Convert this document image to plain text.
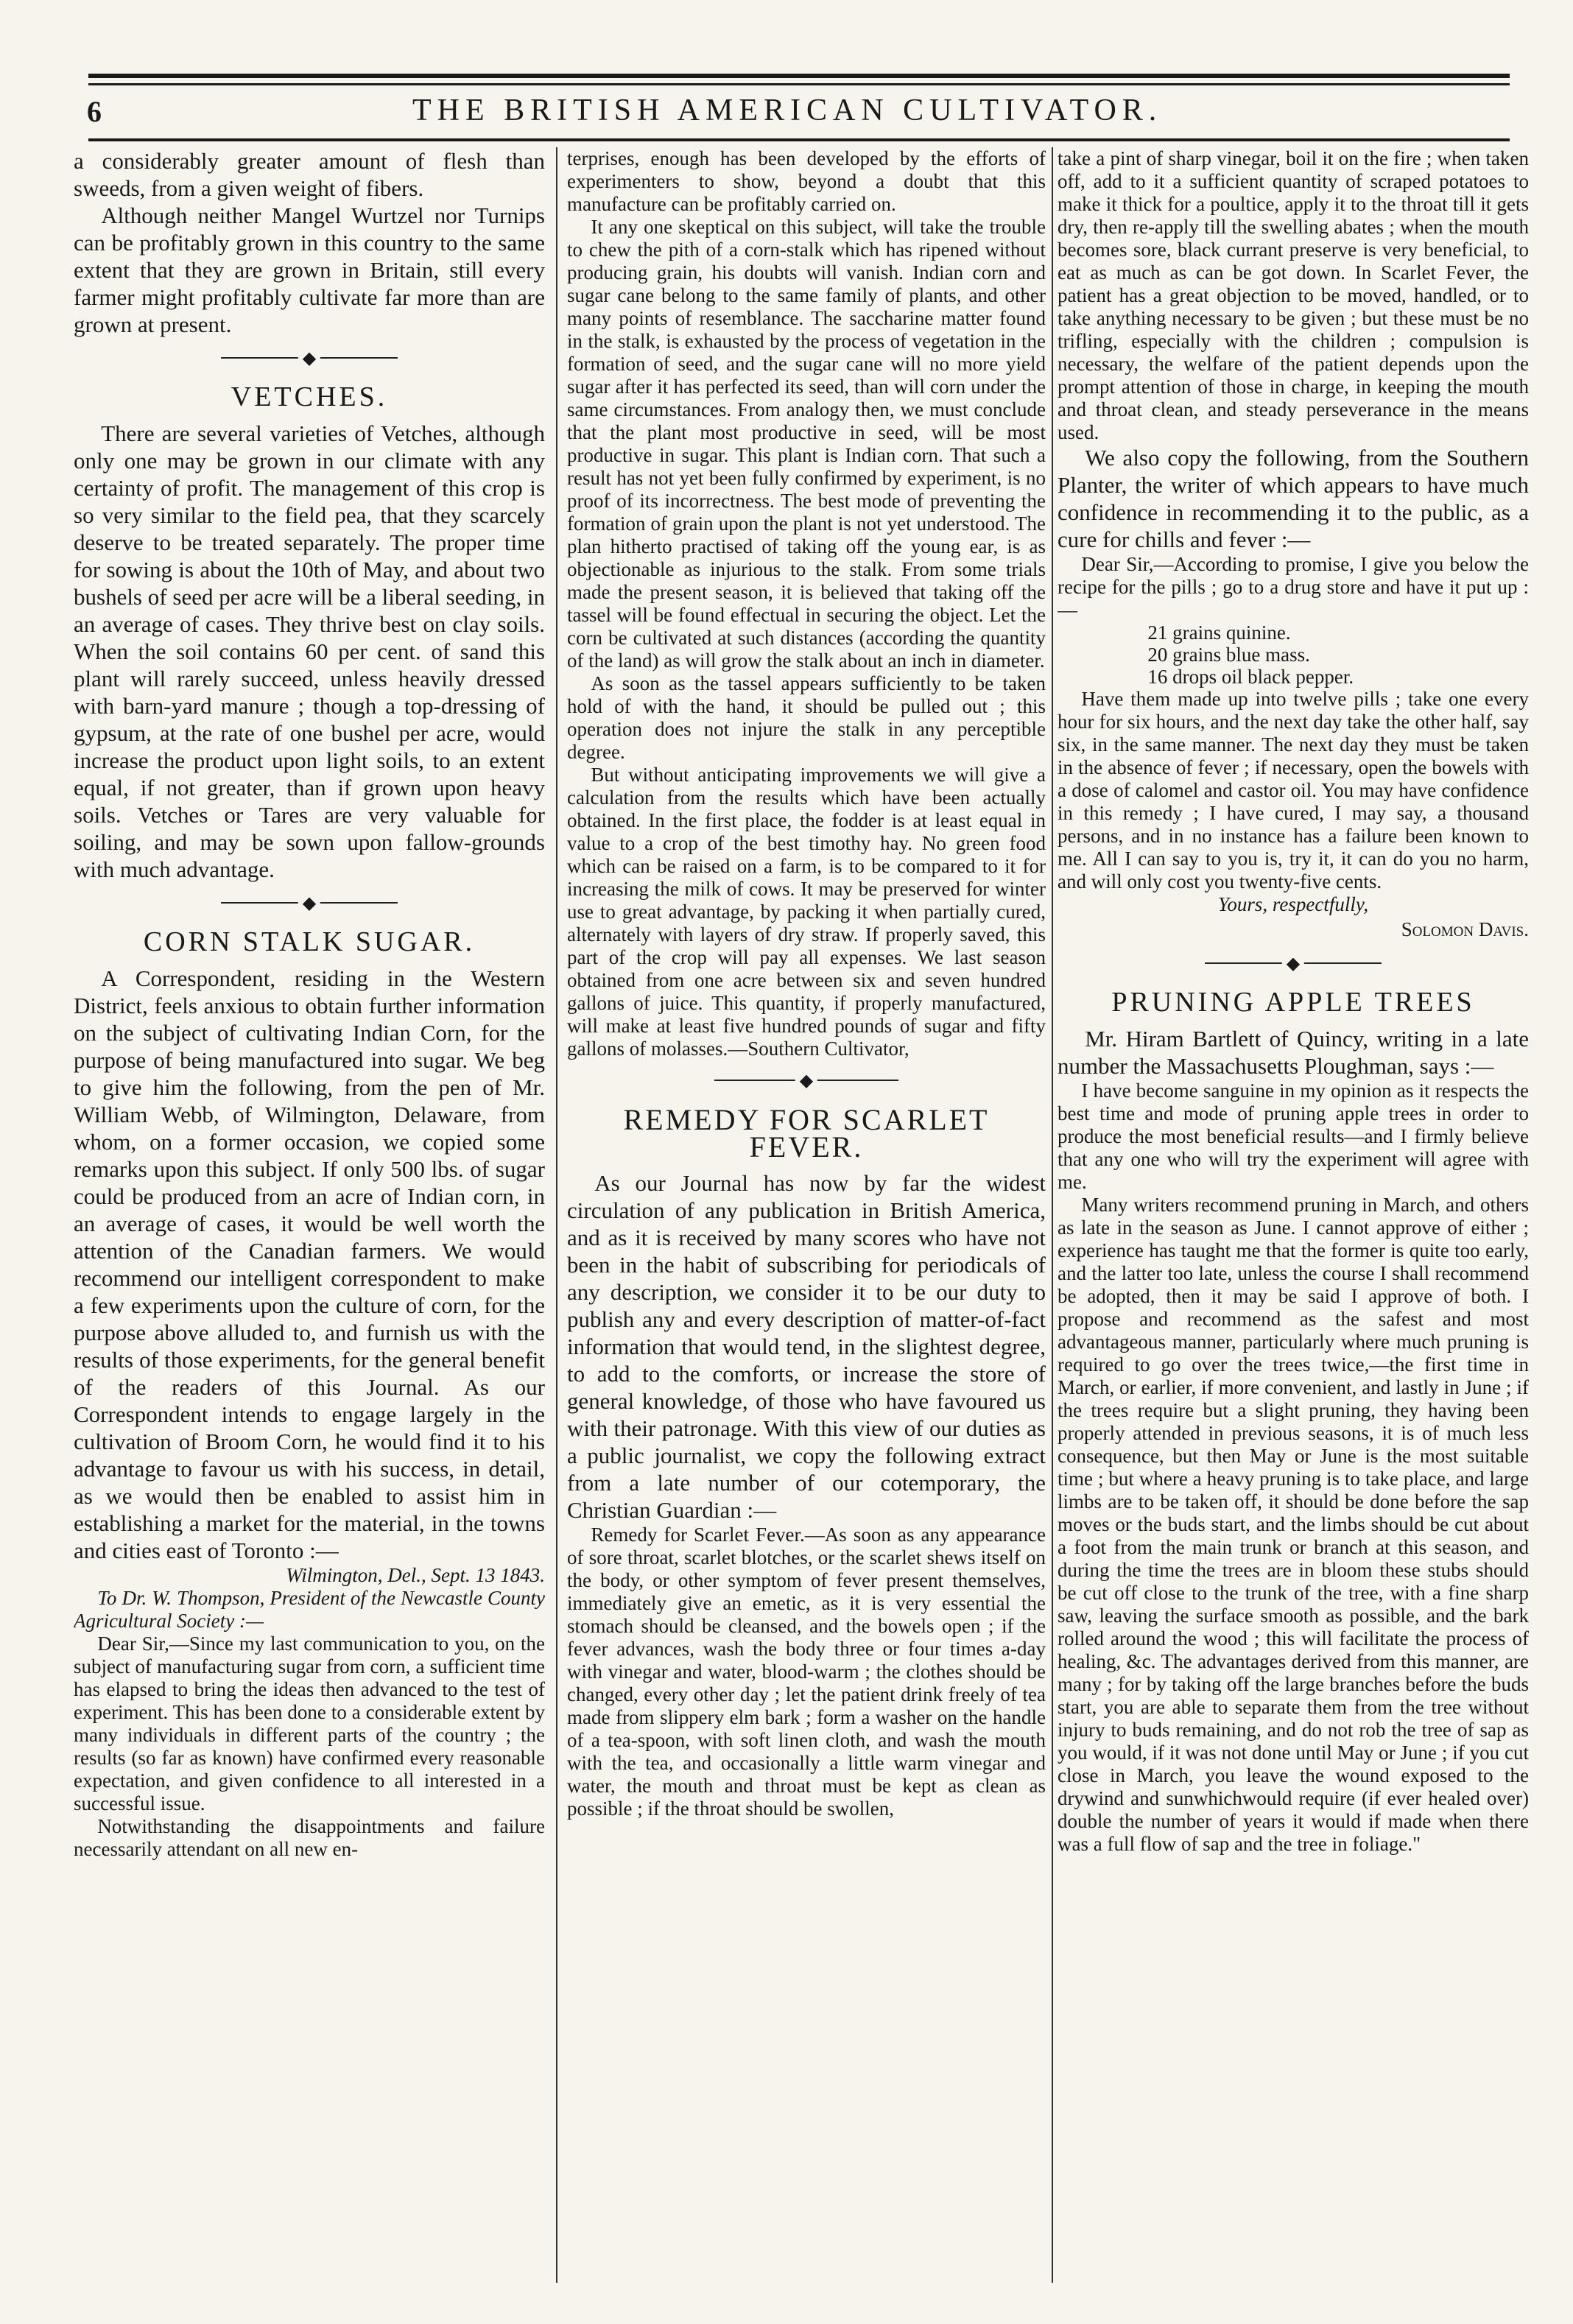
6	THE BRITISH AMERICAN CULTIVATOR.

a considerably greater amount of flesh than sweeds, from a given weight of fibers.

Although neither Mangel Wurtzel nor Turnips can be profitably grown in this country to the same extent that they are grown in Britain, still every farmer might profitably cultivate far more than are grown at present.

◆
VETCHES.

There are several varieties of Vetches, although only one may be grown in our climate with any certainty of profit. The management of this crop is so very similar to the field pea, that they scarcely deserve to be treated separately. The proper time for sowing is about the 10th of May, and about two bushels of seed per acre will be a liberal seeding, in an average of cases. They thrive best on clay soils. When the soil contains 60 per cent. of sand this plant will rarely succeed, unless heavily dressed with barn-yard manure ; though a top-dressing of gypsum, at the rate of one bushel per acre, would increase the product upon light soils, to an extent equal, if not greater, than if grown upon heavy soils. Vetches or Tares are very valuable for soiling, and may be sown upon fallow-grounds with much advantage.

◆
CORN STALK SUGAR.

A Correspondent, residing in the Western District, feels anxious to obtain further information on the subject of cultivating Indian Corn, for the purpose of being manufactured into sugar. We beg to give him the following, from the pen of Mr. William Webb, of Wilmington, Delaware, from whom, on a former occasion, we copied some remarks upon this subject. If only 500 lbs. of sugar could be produced from an acre of Indian corn, in an average of cases, it would be well worth the attention of the Canadian farmers. We would recommend our intelligent correspondent to make a few experiments upon the culture of corn, for the purpose above alluded to, and furnish us with the results of those experiments, for the general benefit of the readers of this Journal. As our Correspondent intends to engage largely in the cultivation of Broom Corn, he would find it to his advantage to favour us with his success, in detail, as we would then be enabled to assist him in establishing a market for the material, in the towns and cities east of Toronto :—

Wilmington, Del., Sept. 13 1843.

To Dr. W. Thompson, President of the Newcastle County Agricultural Society :—

Dear Sir,—Since my last communication to you, on the subject of manufacturing sugar from corn, a sufficient time has elapsed to bring the ideas then advanced to the test of experiment. This has been done to a considerable extent by many individuals in different parts of the country ; the results (so far as known) have confirmed every reasonable expectation, and given confidence to all interested in a successful issue.

Notwithstanding the disappointments and failure necessarily attendant on all new en-

terprises, enough has been developed by the efforts of experimenters to show, beyond a doubt that this manufacture can be profitably carried on.

It any one skeptical on this subject, will take the trouble to chew the pith of a corn-stalk which has ripened without producing grain, his doubts will vanish. Indian corn and sugar cane belong to the same family of plants, and other many points of resemblance. The saccharine matter found in the stalk, is exhausted by the process of vegetation in the formation of seed, and the sugar cane will no more yield sugar after it has perfected its seed, than will corn under the same circumstances. From analogy then, we must conclude that the plant most productive in seed, will be most productive in sugar. This plant is Indian corn. That such a result has not yet been fully confirmed by experiment, is no proof of its incorrectness. The best mode of preventing the formation of grain upon the plant is not yet understood. The plan hitherto practised of taking off the young ear, is as objectionable as injurious to the stalk. From some trials made the present season, it is believed that taking off the tassel will be found effectual in securing the object. Let the corn be cultivated at such distances (according the quantity of the land) as will grow the stalk about an inch in diameter.

As soon as the tassel appears sufficiently to be taken hold of with the hand, it should be pulled out ; this operation does not injure the stalk in any perceptible degree.

But without anticipating improvements we will give a calculation from the results which have been actually obtained. In the first place, the fodder is at least equal in value to a crop of the best timothy hay. No green food which can be raised on a farm, is to be compared to it for increasing the milk of cows. It may be preserved for winter use to great advantage, by packing it when partially cured, alternately with layers of dry straw. If properly saved, this part of the crop will pay all expenses. We last season obtained from one acre between six and seven hundred gallons of juice. This quantity, if properly manufactured, will make at least five hundred pounds of sugar and fifty gallons of molasses.—Southern Cultivator,

◆
REMEDY FOR SCARLET FEVER.

As our Journal has now by far the widest circulation of any publication in British America, and as it is received by many scores who have not been in the habit of subscribing for periodicals of any description, we consider it to be our duty to publish any and every description of matter-of-fact information that would tend, in the slightest degree, to add to the comforts, or increase the store of general knowledge, of those who have favoured us with their patronage. With this view of our duties as a public journalist, we copy the following extract from a late number of our cotemporary, the Christian Guardian :—

Remedy for Scarlet Fever.—As soon as any appearance of sore throat, scarlet blotches, or the scarlet shews itself on the body, or other symptom of fever present themselves, immediately give an emetic, as it is very essential the stomach should be cleansed, and the bowels open ; if the fever advances, wash the body three or four times a-day with vinegar and water, blood-warm ; the clothes should be changed, every other day ; let the patient drink freely of tea made from slippery elm bark ; form a washer on the handle of a tea-spoon, with soft linen cloth, and wash the mouth with the tea, and occasionally a little warm vinegar and water, the mouth and throat must be kept as clean as possible ; if the throat should be swollen,

take a pint of sharp vinegar, boil it on the fire ; when taken off, add to it a sufficient quantity of scraped potatoes to make it thick for a poultice, apply it to the throat till it gets dry, then re-apply till the swelling abates ; when the mouth becomes sore, black currant preserve is very beneficial, to eat as much as can be got down. In Scarlet Fever, the patient has a great objection to be moved, handled, or to take anything necessary to be given ; but these must be no trifling, especially with the children ; compulsion is necessary, the welfare of the patient depends upon the prompt attention of those in charge, in keeping the mouth and throat clean, and steady perseverance in the means used.

We also copy the following, from the Southern Planter, the writer of which appears to have much confidence in recommending it to the public, as a cure for chills and fever :—

Dear Sir,—According to promise, I give you below the recipe for the pills ; go to a drug store and have it put up :—

21 grains quinine.

20 grains blue mass.

16 drops oil black pepper.

Have them made up into twelve pills ; take one every hour for six hours, and the next day take the other half, say six, in the same manner. The next day they must be taken in the absence of fever ; if necessary, open the bowels with a dose of calomel and castor oil. You may have confidence in this remedy ; I have cured, I may say, a thousand persons, and in no instance has a failure been known to me. All I can say to you is, try it, it can do you no harm, and will only cost you twenty-five cents.

Yours, respectfully,

Solomon Davis.

◆
PRUNING APPLE TREES

Mr. Hiram Bartlett of Quincy, writing in a late number the Massachusetts Ploughman, says :—

I have become sanguine in my opinion as it respects the best time and mode of pruning apple trees in order to produce the most beneficial results—and I firmly believe that any one who will try the experiment will agree with me.

Many writers recommend pruning in March, and others as late in the season as June. I cannot approve of either ; experience has taught me that the former is quite too early, and the latter too late, unless the course I shall recommend be adopted, then it may be said I approve of both. I propose and recommend as the safest and most advantageous manner, particularly where much pruning is required to go over the trees twice,—the first time in March, or earlier, if more convenient, and lastly in June ; if the trees require but a slight pruning, they having been properly attended in previous seasons, it is of much less consequence, but then May or June is the most suitable time ; but where a heavy pruning is to take place, and large limbs are to be taken off, it should be done before the sap moves or the buds start, and the limbs should be cut about a foot from the main trunk or branch at this season, and during the time the trees are in bloom these stubs should be cut off close to the trunk of the tree, with a fine sharp saw, leaving the surface smooth as possible, and the bark rolled around the wood ; this will facilitate the process of healing, &c. The advantages derived from this manner, are many ; for by taking off the large branches before the buds start, you are able to separate them from the tree without injury to buds remaining, and do not rob the tree of sap as you would, if it was not done until May or June ; if you cut close in March, you leave the wound exposed to the drywind and sunwhichwould require (if ever healed over) double the number of years it would if made when there was a full flow of sap and the tree in foliage."
